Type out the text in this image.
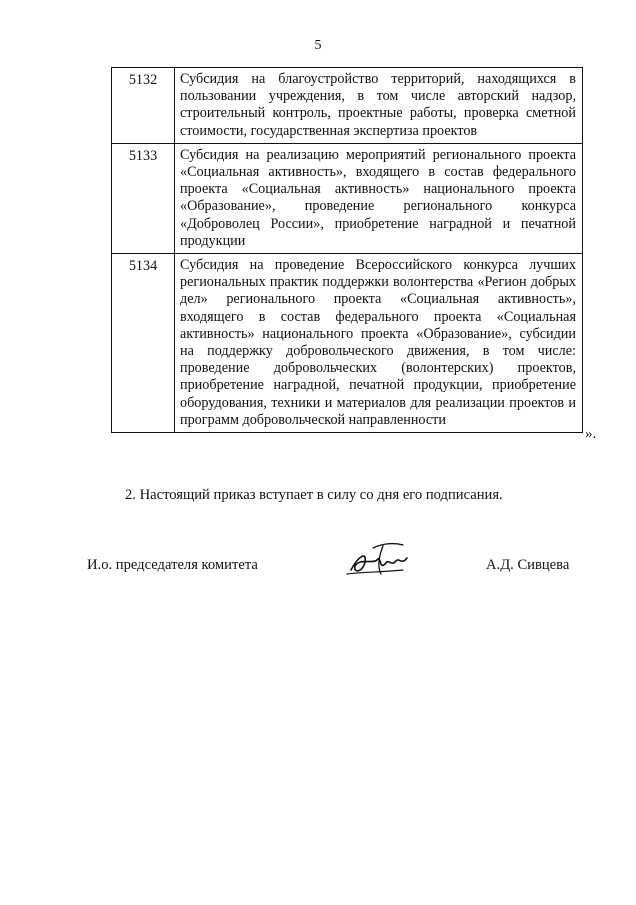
5
5132	Субсидия на благоустройство территорий, находящихся в пользовании учреждения, в том числе авторский надзор, строительный контроль, проектные работы, проверка сметной стоимости, государственная экспертиза проектов
5133	Субсидия на реализацию мероприятий регионального проекта «Социальная активность», входящего в состав федерального проекта «Социальная активность» национального проекта «Образование», проведение регионального конкурса «Доброволец России», приобретение наградной и печатной продукции
5134	Субсидия на проведение Всероссийского конкурса лучших региональных практик поддержки волонтерства «Регион добрых дел» регионального проекта «Социальная активность», входящего в состав федерального проекта «Социальная активность» национального проекта «Образование», субсидии на поддержку добровольческого движения, в том числе: проведение добровольческих (волонтерских) проектов, приобретение наградной, печатной продукции, приобретение оборудования, техники и материалов для реализации проектов и программ добровольческой направленности
».
2. Настоящий приказ вступает в силу со дня его подписания.
И.о. председателя комитета	А.Д. Сивцева
